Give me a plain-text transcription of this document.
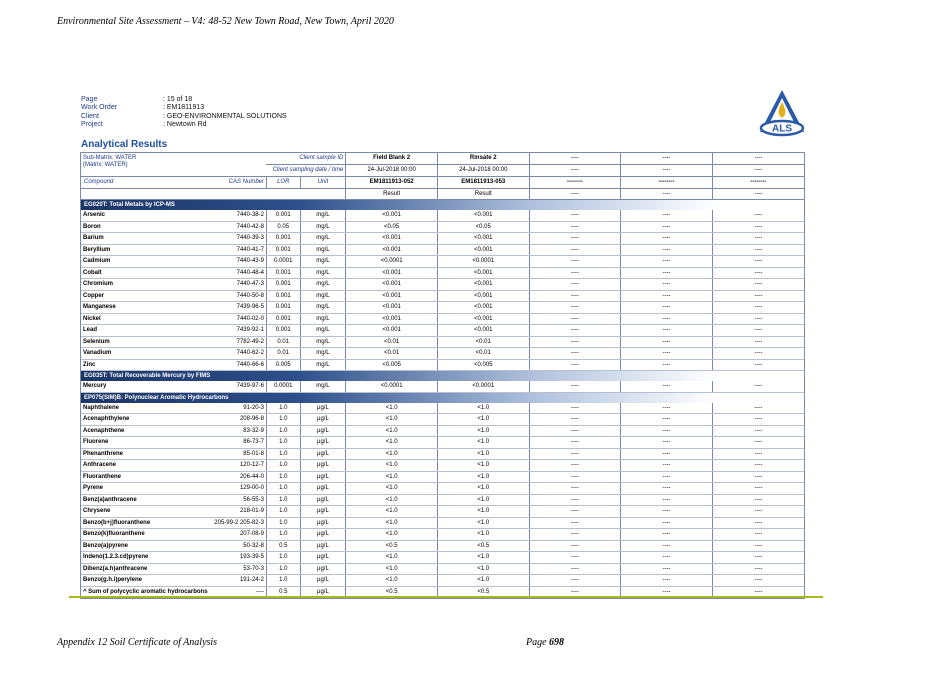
Environmental Site Assessment – V4: 48-52 New Town Road, New Town, April 2020
Page	: 15 of 18
Work Order	: EM1811913
Client	: GEO-ENVIRONMENTAL SOLUTIONS
Project	: Newtown Rd	ALS
Analytical Results
Sub-Matrix: WATER
(Matrix: WATER)		Client sample ID		Field Blank 2	Rinsate 2	----	----	----
		Client sampling date / time		24-Jul-2018 00:00	24-Jul-2018 00:00	----	----	----
Compound	CAS Number	LOR	Unit	EM1811913-052	EM1811913-053	--------	--------	--------
				Result	Result	----	----	----
EG020T: Total Metals by ICP-MS								
Arsenic	7440-38-2	0.001	mg/L	<0.001	<0.001	----	----	----
Boron	7440-42-8	0.05	mg/L	<0.05	<0.05	----	----	----
Barium	7440-39-3	0.001	mg/L	<0.001	<0.001	----	----	----
Beryllium	7440-41-7	0.001	mg/L	<0.001	<0.001	----	----	----
Cadmium	7440-43-9	0.0001	mg/L	<0.0001	<0.0001	----	----	----
Cobalt	7440-48-4	0.001	mg/L	<0.001	<0.001	----	----	----
Chromium	7440-47-3	0.001	mg/L	<0.001	<0.001	----	----	----
Copper	7440-50-8	0.001	mg/L	<0.001	<0.001	----	----	----
Manganese	7439-96-5	0.001	mg/L	<0.001	<0.001	----	----	----
Nickel	7440-02-0	0.001	mg/L	<0.001	<0.001	----	----	----
Lead	7439-92-1	0.001	mg/L	<0.001	<0.001	----	----	----
Selenium	7782-49-2	0.01	mg/L	<0.01	<0.01	----	----	----
Vanadium	7440-62-2	0.01	mg/L	<0.01	<0.01	----	----	----
Zinc	7440-66-6	0.005	mg/L	<0.005	<0.005	----	----	----
EG035T: Total Recoverable Mercury by FIMS								
Mercury	7439-97-6	0.0001	mg/L	<0.0001	<0.0001	----	----	----
EP075(SIM)B: Polynuclear Aromatic Hydrocarbons								
Naphthalene	91-20-3	1.0	µg/L	<1.0	<1.0	----	----	----
Acenaphthylene	208-96-8	1.0	µg/L	<1.0	<1.0	----	----	----
Acenaphthene	83-32-9	1.0	µg/L	<1.0	<1.0	----	----	----
Fluorene	86-73-7	1.0	µg/L	<1.0	<1.0	----	----	----
Phenanthrene	85-01-8	1.0	µg/L	<1.0	<1.0	----	----	----
Anthracene	120-12-7	1.0	µg/L	<1.0	<1.0	----	----	----
Fluoranthene	206-44-0	1.0	µg/L	<1.0	<1.0	----	----	----
Pyrene	129-00-0	1.0	µg/L	<1.0	<1.0	----	----	----
Benz(a)anthracene	56-55-3	1.0	µg/L	<1.0	<1.0	----	----	----
Chrysene	218-01-9	1.0	µg/L	<1.0	<1.0	----	----	----
Benzo(b+j)fluoranthene	205-99-2 205-82-3	1.0	µg/L	<1.0	<1.0	----	----	----
Benzo(k)fluoranthene	207-08-9	1.0	µg/L	<1.0	<1.0	----	----	----
Benzo(a)pyrene	50-32-8	0.5	µg/L	<0.5	<0.5	----	----	----
Indeno(1.2.3.cd)pyrene	193-39-5	1.0	µg/L	<1.0	<1.0	----	----	----
Dibenz(a.h)anthracene	53-70-3	1.0	µg/L	<1.0	<1.0	----	----	----
Benzo(g.h.i)perylene	191-24-2	1.0	µg/L	<1.0	<1.0	----	----	----
^ Sum of polycyclic aromatic hydrocarbons	----	0.5	µg/L	<0.5	<0.5	----	----	----
Appendix 12 Soil Certificate of Analysis	Page 698
